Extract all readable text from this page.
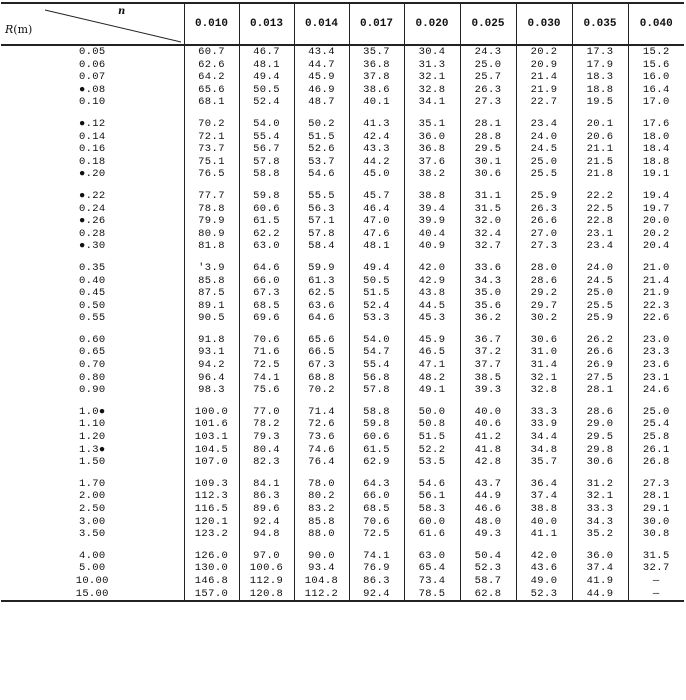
R(m)
n	0.010	0.013	0.014	0.017	0.020	0.025	0.030	0.035	0.040
0.05	60.7	46.7	43.4	35.7	30.4	24.3	20.2	17.3	15.2
0.06	62.6	48.1	44.7	36.8	31.3	25.0	20.9	17.9	15.6
0.07	64.2	49.4	45.9	37.8	32.1	25.7	21.4	18.3	16.0
●.08	65.6	50.5	46.9	38.6	32.8	26.3	21.9	18.8	16.4
0.10	68.1	52.4	48.7	40.1	34.1	27.3	22.7	19.5	17.0
●.12	70.2	54.0	50.2	41.3	35.1	28.1	23.4	20.1	17.6
0.14	72.1	55.4	51.5	42.4	36.0	28.8	24.0	20.6	18.0
0.16	73.7	56.7	52.6	43.3	36.8	29.5	24.5	21.1	18.4
0.18	75.1	57.8	53.7	44.2	37.6	30.1	25.0	21.5	18.8
●.20	76.5	58.8	54.6	45.0	38.2	30.6	25.5	21.8	19.1
●.22	77.7	59.8	55.5	45.7	38.8	31.1	25.9	22.2	19.4
0.24	78.8	60.6	56.3	46.4	39.4	31.5	26.3	22.5	19.7
●.26	79.9	61.5	57.1	47.0	39.9	32.0	26.6	22.8	20.0
0.28	80.9	62.2	57.8	47.6	40.4	32.4	27.0	23.1	20.2
●.30	81.8	63.0	58.4	48.1	40.9	32.7	27.3	23.4	20.4
0.35	'3.9	64.6	59.9	49.4	42.0	33.6	28.0	24.0	21.0
0.40	85.8	66.0	61.3	50.5	42.9	34.3	28.6	24.5	21.4
0.45	87.5	67.3	62.5	51.5	43.8	35.0	29.2	25.0	21.9
0.50	89.1	68.5	63.6	52.4	44.5	35.6	29.7	25.5	22.3
0.55	90.5	69.6	64.6	53.3	45.3	36.2	30.2	25.9	22.6
0.60	91.8	70.6	65.6	54.0	45.9	36.7	30.6	26.2	23.0
0.65	93.1	71.6	66.5	54.7	46.5	37.2	31.0	26.6	23.3
0.70	94.2	72.5	67.3	55.4	47.1	37.7	31.4	26.9	23.6
0.80	96.4	74.1	68.8	56.8	48.2	38.5	32.1	27.5	23.1
0.90	98.3	75.6	70.2	57.8	49.1	39.3	32.8	28.1	24.6
1.0●	100.0	77.0	71.4	58.8	50.0	40.0	33.3	28.6	25.0
1.10	101.6	78.2	72.6	59.8	50.8	40.6	33.9	29.0	25.4
1.20	103.1	79.3	73.6	60.6	51.5	41.2	34.4	29.5	25.8
1.3●	104.5	80.4	74.6	61.5	52.2	41.8	34.8	29.8	26.1
1.50	107.0	82.3	76.4	62.9	53.5	42.8	35.7	30.6	26.8
1.70	109.3	84.1	78.0	64.3	54.6	43.7	36.4	31.2	27.3
2.00	112.3	86.3	80.2	66.0	56.1	44.9	37.4	32.1	28.1
2.50	116.5	89.6	83.2	68.5	58.3	46.6	38.8	33.3	29.1
3.00	120.1	92.4	85.8	70.6	60.0	48.0	40.0	34.3	30.0
3.50	123.2	94.8	88.0	72.5	61.6	49.3	41.1	35.2	30.8
4.00	126.0	97.0	90.0	74.1	63.0	50.4	42.0	36.0	31.5
5.00	130.0	100.6	93.4	76.9	65.4	52.3	43.6	37.4	32.7
10.00	146.8	112.9	104.8	86.3	73.4	58.7	49.0	41.9	—
15.00	157.0	120.8	112.2	92.4	78.5	62.8	52.3	44.9	—
